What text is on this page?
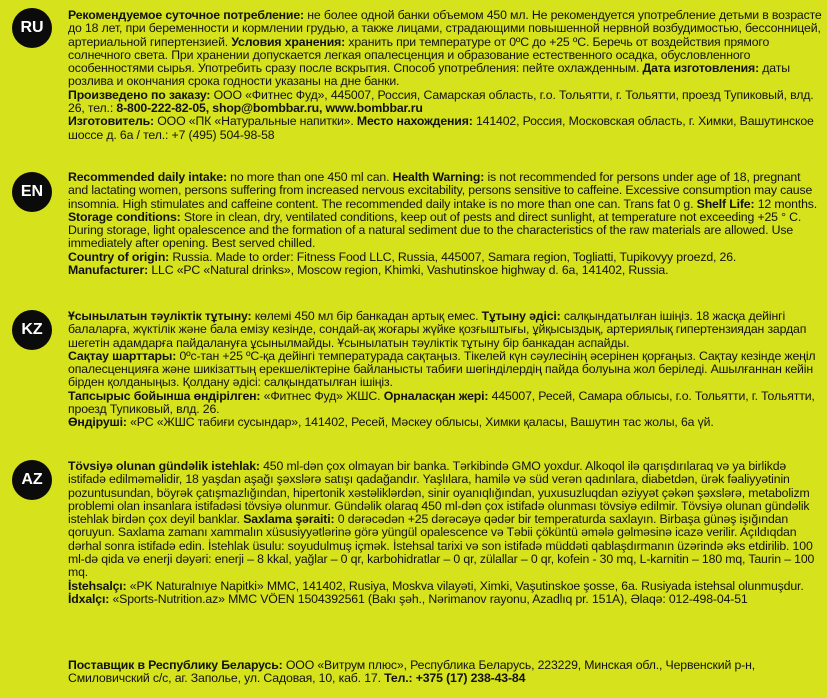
RU

Рекомендуемое суточное потребление: не более одной банки объемом 450 мл. Не рекомендуется употребление детьми в возрасте до 18 лет, при беременности и кормлении грудью, а также лицами, страдающими повышенной нервной возбудимостью, бессонницей, артериальной гипертензией. Условия хранения: хранить при температуре от 0ºС до +25 ºС. Беречь от воздействия прямого солнечного света. При хранении допускается легкая опалесценция и образование естественного осадка, обусловленного особенностями сырья. Употребить сразу после вскрытия. Способ употребления: пейте охлажденным. Дата изготовления: даты розлива и окончания срока годности указаны на дне банки.

Произведено по заказу: ООО «Фитнес Фуд», 445007, Россия, Самарская область, г.о. Тольятти, г. Тольятти, проезд Тупиковый, влд. 26, тел.: 8-800-222-82-05, shop@bombbar.ru, www.bombbar.ru

Изготовитель: ООО «ПК «Натуральные напитки». Место нахождения: 141402, Россия, Московская область, г. Химки, Вашутинское шоссе д. 6а / тел.: +7 (495) 504-98-58

EN

Recommended daily intake: no more than one 450 ml can. Health Warning: is not recommended for persons under age of 18, pregnant and lactating women, persons suffering from increased nervous excitability, persons sensitive to caffeine. Excessive consumption may cause insomnia. High stimulates and caffeine content. The recommended daily intake is no more than one can. Trans fat 0 g. Shelf Life: 12 months. Storage conditions: Store in clean, dry, ventilated conditions, keep out of pests and direct sunlight, at temperature not exceeding +25 ° C. During storage, light opalescence and the formation of a natural sediment due to the characteristics of the raw materials are allowed. Use immediately after opening. Best served chilled.

Country of origin: Russia. Made to order: Fitness Food LLC, Russia, 445007, Samara region, Togliatti, Tupikovyy proezd, 26.

Manufacturer: LLC «PC «Natural drinks», Moscow region, Khimki, Vashutinskoe highway d. 6a, 141402, Russia.

KZ

Ұсынылатын тәуліктік тұтыну: көлемі 450 мл бір банкадан артық емес. Тұтыну әдісі: салқындатылған ішіңіз. 18 жасқа дейінгі балаларға, жүктілік және бала емізу кезінде, сондай-ақ жоғары жүйке қозғыштығы, ұйқысыздық, артериялық гипертензиядан зардап шегетін адамдарға пайдалануға ұсынылмайды. Ұсынылатын тәуліктік тұтыну бір банкадан аспайды.

Сақтау шарттары: 0ºс-тан +25 ºС-қа дейінгі температурада сақтаңыз. Тікелей күн сәулесінің әсерінен қорғаңыз. Сақтау кезінде жеңіл опалесценцияға және шикізаттың ерекшеліктеріне байланысты табиғи шөгінділердің пайда болуына жол беріледі. Ашылғаннан кейін бірден қолданыңыз. Қолдану әдісі: салқындатылған ішіңіз.

Тапсырыс бойынша өндірілген: «Фитнес Фуд» ЖШС. Орналасқан жері: 445007, Ресей, Самара облысы, г.о. Тольятти, г. Тольятти, проезд Тупиковый, влд. 26.

Өндіруші: «РС «ЖШС табиғи сусындар», 141402, Ресей, Мәскеу облысы, Химки қаласы, Вашутин тас жолы, 6а үй.

AZ

Tövsiyə olunan gündəlik istehlak: 450 ml-dən çox olmayan bir banka. Tərkibində GMO yoxdur. Alkoqol ilə qarışdırılaraq və ya birlikdə istifadə edilməməlidir, 18 yaşdan aşağı şəxslərə satışı qadağandır. Yaşlılara, hamilə və süd verən qadınlara, diabetdən, ürək fəaliyyətinin pozuntusundan, böyrək çatışmazlığından, hipertonik xəstəliklərdən, sinir oyanıqlığından, yuxusuzluqdan əziyyət çəkən şəxslərə, metabolizm problemi olan insanlara istifadəsi tövsiyə olunmur. Gündəlik olaraq 450 ml-dən çox istifadə olunması tövsiyə edilmir. Tövsiyə olunan gündəlik istehlak birdən çox deyil banklar. Saxlama şəraiti: 0 dərəcədən +25 dərəcəyə qədər bir temperaturda saxlayın. Birbaşa günəş işığından qoruyun. Saxlama zamanı xammalın xüsusiyyətlərinə görə yüngül opalescence və Təbii çöküntü əmələ gəlməsinə icazə verilir. Açıldıqdan dərhal sonra istifadə edin. İstehlak üsulu: soyudulmuş içmək. İstehsal tarixi və son istifadə müddəti qablaşdırmanın üzərində əks etdirilib. 100 ml-də qida və enerji dəyəri: enerji – 8 kkal, yağlar – 0 qr, karbohidratlar – 0 qr, zülallar – 0 qr, kofein - 30 mq, L-karnitin – 180 mq, Taurin – 100 mq.

İstehsalçı: «PK Naturalnıye Napitki» MMC, 141402, Rusiya, Moskva vilayəti, Ximki, Vaşutinskoe şosse, 6a. Rusiyada istehsal olunmuşdur.

İdxalçı: «Sports-Nutrition.az» MMC VÖEN 1504392561 (Bakı şəh., Nərimanov rayonu, Azadlıq pr. 151A), Əlaqə: 012-498-04-51

Поставщик в Республику Беларусь: ООО «Витрум плюс», Республика Беларусь, 223229, Минская обл., Червенский р-н, Смиловичский с/с, аг. Заполье, ул. Садовая, 10, каб. 17. Тел.: +375 (17) 238-43-84
